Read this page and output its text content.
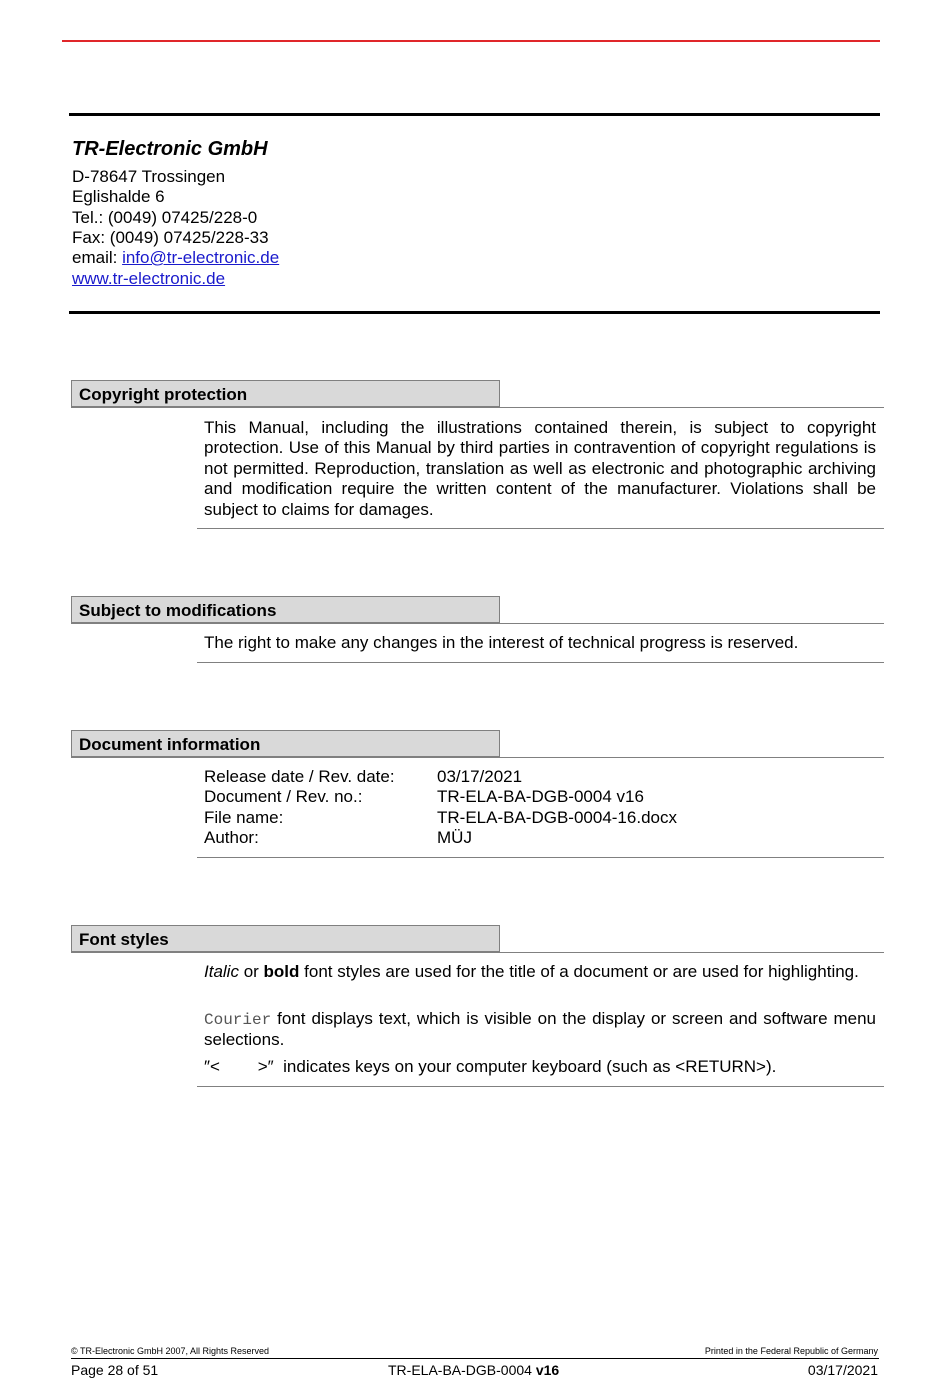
TR-Electronic GmbH
D-78647 Trossingen
Eglishalde 6
Tel.: (0049) 07425/228-0
Fax: (0049) 07425/228-33
email: info@tr-electronic.de
www.tr-electronic.de
Copyright protection
This Manual, including the illustrations contained therein, is subject to copyright protection. Use of this Manual by third parties in contravention of copyright regulations is not permitted. Reproduction, translation as well as electronic and photographic archiving and modification require the written content of the manufacturer. Violations shall be subject to claims for damages.
Subject to modifications
The right to make any changes in the interest of technical progress is reserved.
Document information
Release date / Rev. date: 03/17/2021
Document / Rev. no.:	TR-ELA-BA-DGB-0004 v16
File name:	TR-ELA-BA-DGB-0004-16.docx
Author:	MÜJ
Font styles
Italic or bold font styles are used for the title of a document or are used for highlighting.
Courier font displays text, which is visible on the display or screen and software menu selections.
″<        >″  indicates keys on your computer keyboard (such as <RETURN>).
© TR-Electronic GmbH 2007, All Rights Reserved	Printed in the Federal Republic of Germany
Page 28 of 51	TR-ELA-BA-DGB-0004 v16	03/17/2021
